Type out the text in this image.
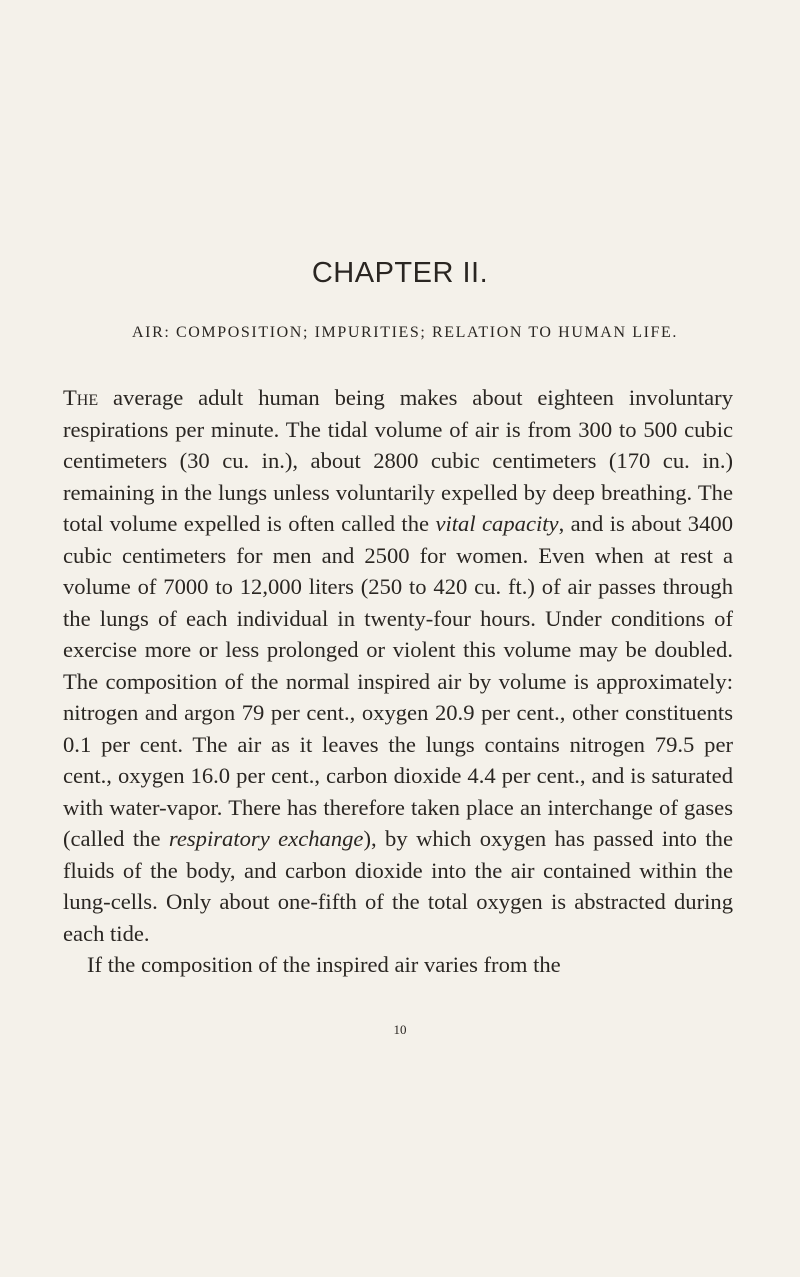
CHAPTER II.
AIR: COMPOSITION; IMPURITIES; RELATION TO HUMAN LIFE.

The average adult human being makes about eighteen involuntary respirations per minute. The tidal volume of air is from 300 to 500 cubic centimeters (30 cu. in.), about 2800 cubic centimeters (170 cu. in.) remaining in the lungs unless voluntarily expelled by deep breathing. The total volume expelled is often called the vital capacity, and is about 3400 cubic centimeters for men and 2500 for women. Even when at rest a volume of 7000 to 12,000 liters (250 to 420 cu. ft.) of air passes through the lungs of each individual in twenty-four hours. Under conditions of exercise more or less prolonged or violent this volume may be doubled. The composition of the normal inspired air by volume is approximately: nitrogen and argon 79 per cent., oxygen 20.9 per cent., other constituents 0.1 per cent. The air as it leaves the lungs contains nitrogen 79.5 per cent., oxygen 16.0 per cent., carbon dioxide 4.4 per cent., and is saturated with water-vapor. There has therefore taken place an interchange of gases (called the respiratory exchange), by which oxygen has passed into the fluids of the body, and carbon dioxide into the air contained within the lung-cells. Only about one-fifth of the total oxygen is abstracted during each tide.

If the composition of the inspired air varies from the

10
